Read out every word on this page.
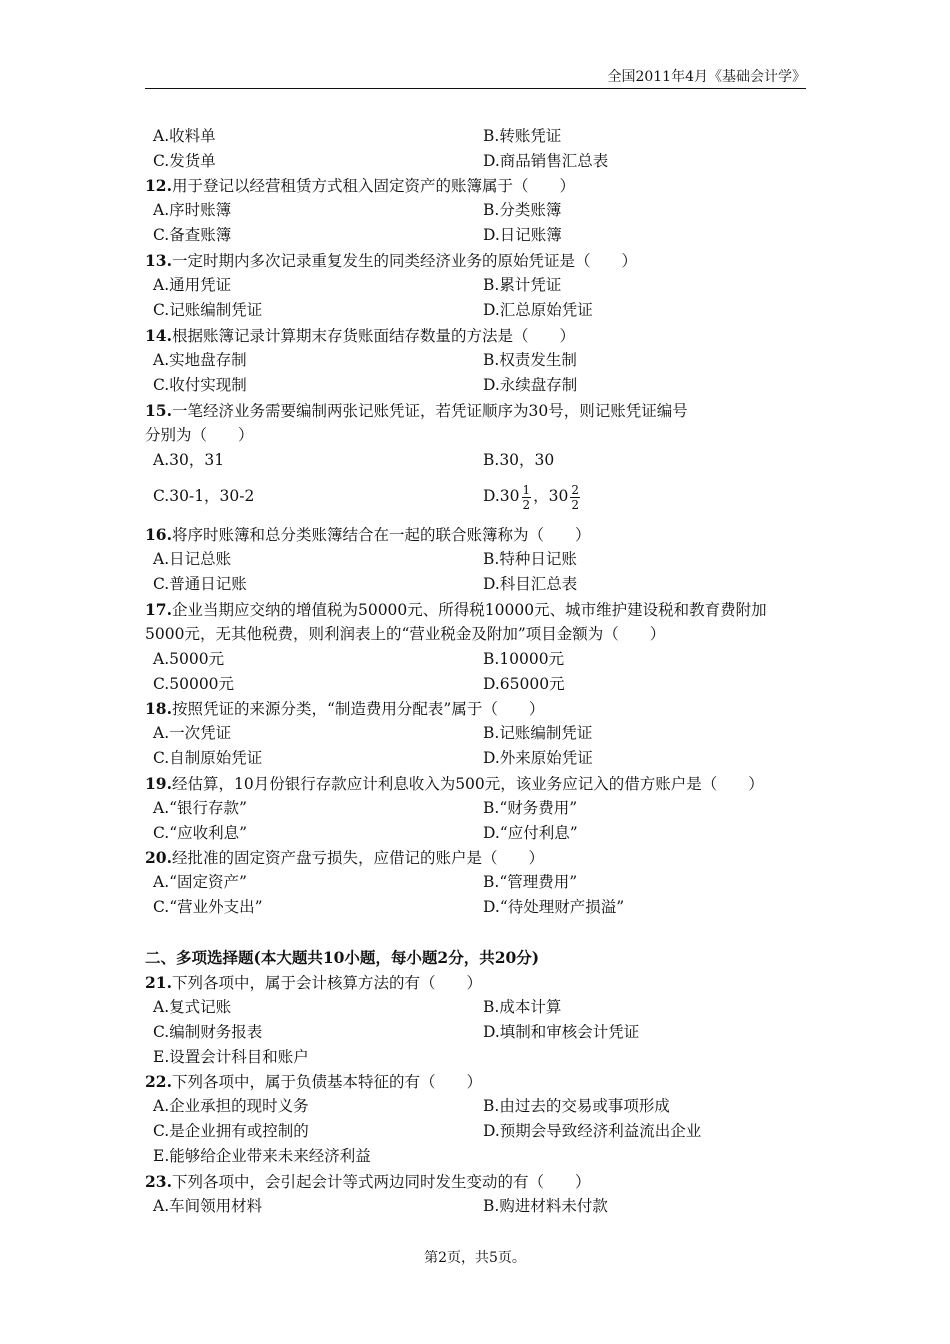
全国2011年4月《基础会计学》
A.收料单	B.转账凭证
C.发货单	D.商品销售汇总表
12.用于登记以经营租赁方式租入固定资产的账簿属于（　　）
A.序时账簿	B.分类账簿
C.备查账簿	D.日记账簿
13.一定时期内多次记录重复发生的同类经济业务的原始凭证是（　　）
A.通用凭证	B.累计凭证
C.记账编制凭证	D.汇总原始凭证
14.根据账簿记录计算期末存货账面结存数量的方法是（　　）
A.实地盘存制	B.权责发生制
C.收付实现制	D.永续盘存制
15.一笔经济业务需要编制两张记账凭证，若凭证顺序为30号，则记账凭证编号
分别为（　　）
A.30，31	B.30，30
C.30-1，30-2	$D.30 \frac{1}{2}$ ，$30 \frac{2}{2}$
16.将序时账簿和总分类账簿结合在一起的联合账簿称为（　　）
A.日记总账	B.特种日记账
C.普通日记账	D.科目汇总表
17.企业当期应交纳的增值税为50000元、所得税10000元、城市维护建设税和教育费附加
5000元，无其他税费，则利润表上的“营业税金及附加”项目金额为（　　）
A.5000元	B.10000元
C.50000元	D.65000元
18.按照凭证的来源分类，“制造费用分配表”属于（　　）
A.一次凭证	B.记账编制凭证
C.自制原始凭证	D.外来原始凭证
19.经估算，10月份银行存款应计利息收入为500元，该业务应记入的借方账户是（　　）
A.“银行存款”	B.“财务费用”
C.“应收利息”	D.“应付利息”
20.经批准的固定资产盘亏损失，应借记的账户是（　　）
A.“固定资产”	B.“管理费用”
C.“营业外支出”	D.“待处理财产损溢”
二、多项选择题(本大题共10小题，每小题2分，共20分)
21.下列各项中，属于会计核算方法的有（　　）
A.复式记账	B.成本计算
C.编制财务报表	D.填制和审核会计凭证
E.设置会计科目和账户
22.下列各项中，属于负债基本特征的有（　　）
A.企业承担的现时义务	B.由过去的交易或事项形成
C.是企业拥有或控制的	D.预期会导致经济利益流出企业
E.能够给企业带来未来经济利益
23.下列各项中，会引起会计等式两边同时发生变动的有（　　）
A.车间领用材料	B.购进材料未付款
第2页，共5页。
